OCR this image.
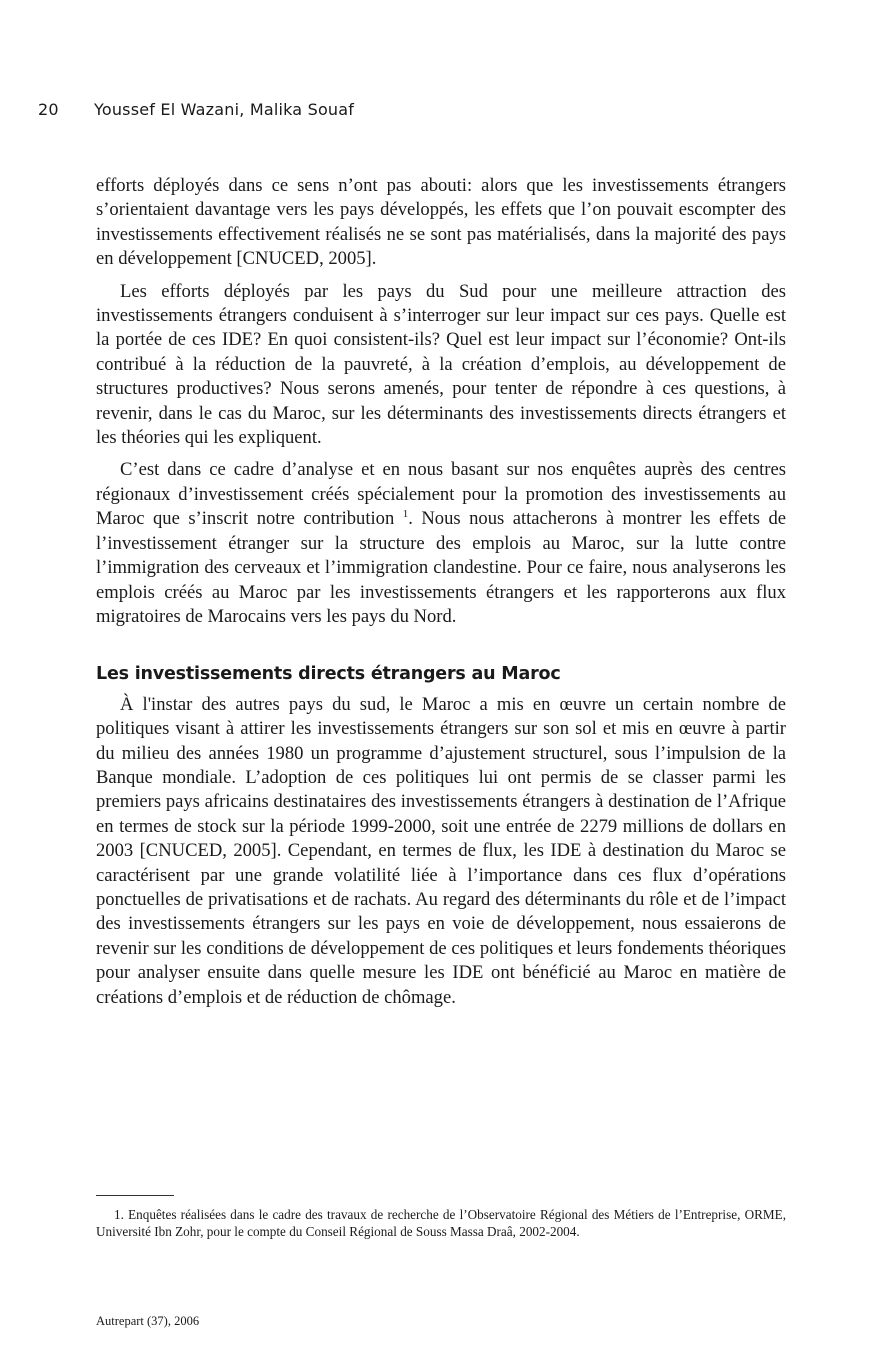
20 Youssef El Wazani, Malika Souaf

efforts déployés dans ce sens n’ont pas abouti: alors que les investissements étrangers s’orientaient davantage vers les pays développés, les effets que l’on pouvait escompter des investissements effectivement réalisés ne se sont pas matérialisés, dans la majorité des pays en développement [CNUCED, 2005].

Les efforts déployés par les pays du Sud pour une meilleure attraction des investissements étrangers conduisent à s’interroger sur leur impact sur ces pays. Quelle est la portée de ces IDE? En quoi consistent-ils? Quel est leur impact sur l’économie? Ont-ils contribué à la réduction de la pauvreté, à la création d’emplois, au développement de structures productives? Nous serons amenés, pour tenter de répondre à ces questions, à revenir, dans le cas du Maroc, sur les déterminants des investissements directs étrangers et les théories qui les expliquent.

C’est dans ce cadre d’analyse et en nous basant sur nos enquêtes auprès des centres régionaux d’investissement créés spécialement pour la promotion des investissements au Maroc que s’inscrit notre contribution $^1$. Nous nous attacherons à montrer les effets de l’investissement étranger sur la structure des emplois au Maroc, sur la lutte contre l’immigration des cerveaux et l’immigration clandestine. Pour ce faire, nous analyserons les emplois créés au Maroc par les investissements étrangers et les rapporterons aux flux migratoires de Marocains vers les pays du Nord.

Les investissements directs étrangers au Maroc

À l'instar des autres pays du sud, le Maroc a mis en œuvre un certain nombre de politiques visant à attirer les investissements étrangers sur son sol et mis en œuvre à partir du milieu des années 1980 un programme d’ajustement structurel, sous l’impulsion de la Banque mondiale. L’adoption de ces politiques lui ont permis de se classer parmi les premiers pays africains destinataires des investissements étrangers à destination de l’Afrique en termes de stock sur la période 1999-2000, soit une entrée de 2279 millions de dollars en 2003 [CNUCED, 2005]. Cependant, en termes de flux, les IDE à destination du Maroc se caractérisent par une grande volatilité liée à l’importance dans ces flux d’opérations ponctuelles de privatisations et de rachats. Au regard des déterminants du rôle et de l’impact des investissements étrangers sur les pays en voie de développement, nous essaierons de revenir sur les conditions de développement de ces politiques et leurs fondements théoriques pour analyser ensuite dans quelle mesure les IDE ont bénéficié au Maroc en matière de créations d’emplois et de réduction de chômage.

1. Enquêtes réalisées dans le cadre des travaux de recherche de l’Observatoire Régional des Métiers de l’Entreprise, ORME, Université Ibn Zohr, pour le compte du Conseil Régional de Souss Massa Draâ, 2002-2004.

Autrepart (37), 2006
